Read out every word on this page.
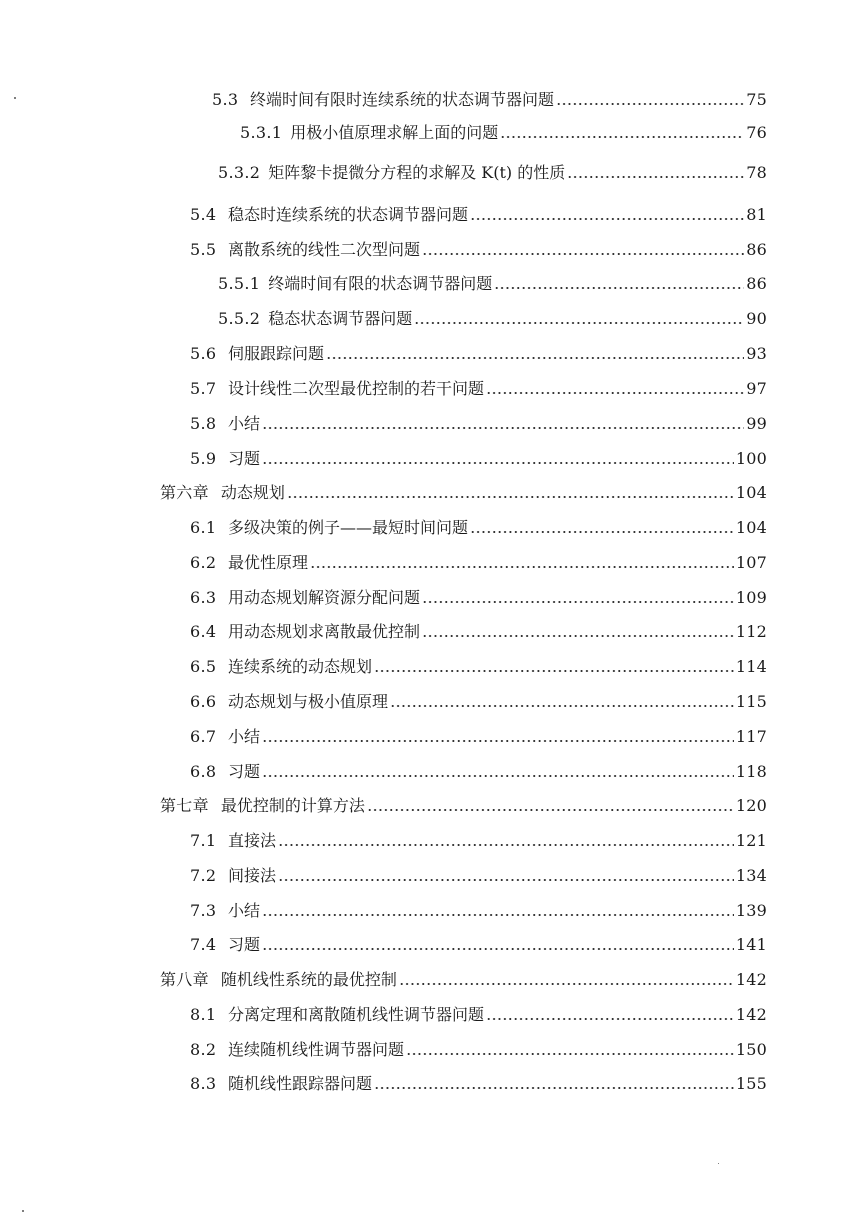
5.3 终端时间有限时连续系统的状态调节器问题	75
5.3.1 用极小值原理求解上面的问题	76
5.3.2 矩阵黎卡提微分方程的求解及 K(t) 的性质	78
5.4 稳态时连续系统的状态调节器问题	81
5.5 离散系统的线性二次型问题	86
5.5.1 终端时间有限的状态调节器问题	86
5.5.2 稳态状态调节器问题	90
5.6 伺服跟踪问题	93
5.7 设计线性二次型最优控制的若干问题	97
5.8 小结	99
5.9 习题	100
第六章 动态规划	104
6.1 多级决策的例子——最短时间问题	104
6.2 最优性原理	107
6.3 用动态规划解资源分配问题	109
6.4 用动态规划求离散最优控制	112
6.5 连续系统的动态规划	114
6.6 动态规划与极小值原理	115
6.7 小结	117
6.8 习题	118
第七章 最优控制的计算方法	120
7.1 直接法	121
7.2 间接法	134
7.3 小结	139
7.4 习题	141
第八章 随机线性系统的最优控制	142
8.1 分离定理和离散随机线性调节器问题	142
8.2 连续随机线性调节器问题	150
8.3 随机线性跟踪器问题	155
